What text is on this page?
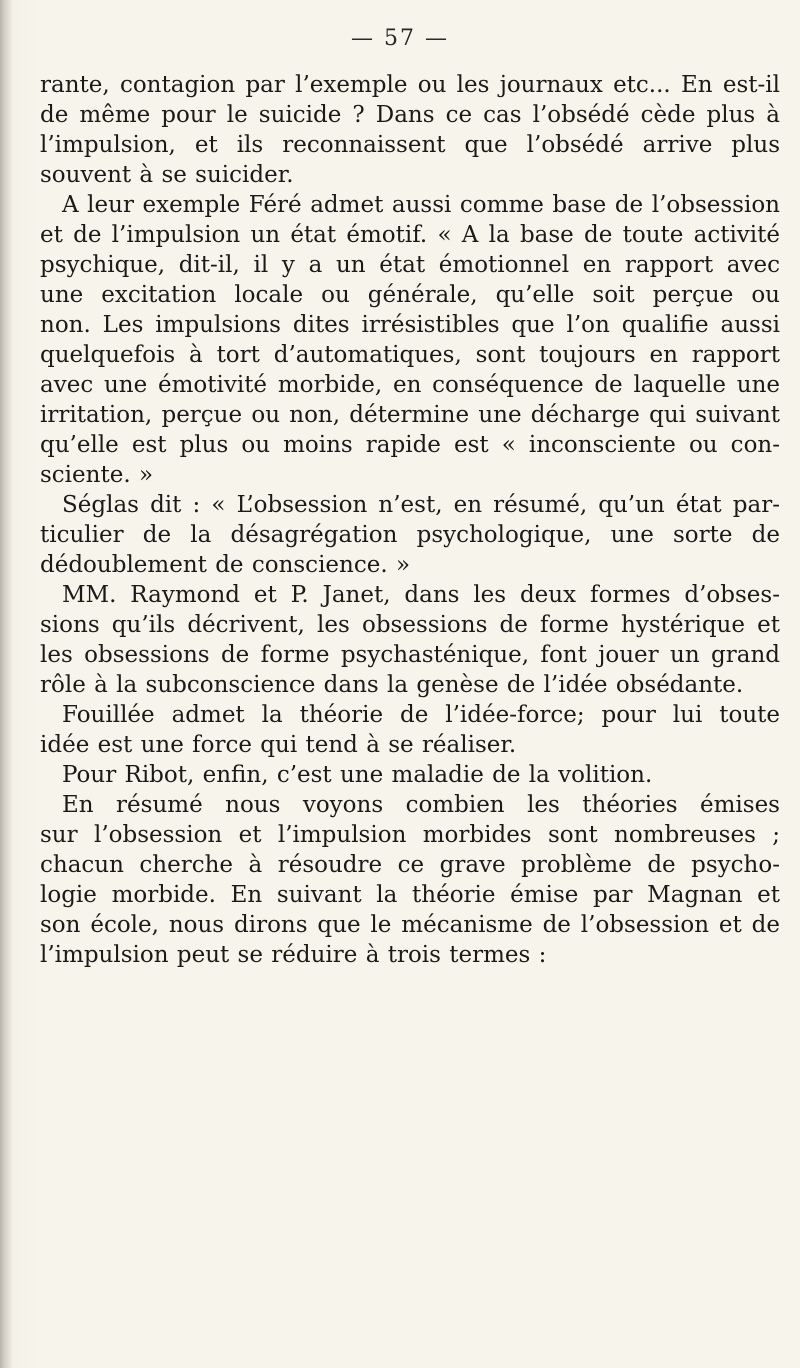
— 57 —
rante, contagion par l’exemple ou les journaux etc... En est-il
de même pour le suicide ? Dans ce cas l’obsédé cède plus à
l’impulsion, et ils reconnaissent que l’obsédé arrive plus
souvent à se suicider.
A leur exemple Féré admet aussi comme base de l’obsession
et de l’impulsion un état émotif. « A la base de toute activité
psychique, dit-il, il y a un état émotionnel en rapport avec
une excitation locale ou générale, qu’elle soit perçue ou
non. Les impulsions dites irrésistibles que l’on qualifie aussi
quelquefois à tort d’automatiques, sont toujours en rapport
avec une émotivité morbide, en conséquence de laquelle une
irritation, perçue ou non, détermine une décharge qui suivant
qu’elle est plus ou moins rapide est « inconsciente ou con-
sciente. »
Séglas dit : « L’obsession n’est, en résumé, qu’un état par-
ticulier de la désagrégation psychologique, une sorte de
dédoublement de conscience. »
MM. Raymond et P. Janet, dans les deux formes d’obses-
sions qu’ils décrivent, les obsessions de forme hystérique et
les obsessions de forme psychasténique, font jouer un grand
rôle à la subconscience dans la genèse de l’idée obsédante.
Fouillée admet la théorie de l’idée-force; pour lui toute
idée est une force qui tend à se réaliser.
Pour Ribot, enfin, c’est une maladie de la volition.
En résumé nous voyons combien les théories émises
sur l’obsession et l’impulsion morbides sont nombreuses ;
chacun cherche à résoudre ce grave problème de psycho-
logie morbide. En suivant la théorie émise par Magnan et
son école, nous dirons que le mécanisme de l’obsession et de
l’impulsion peut se réduire à trois termes :
